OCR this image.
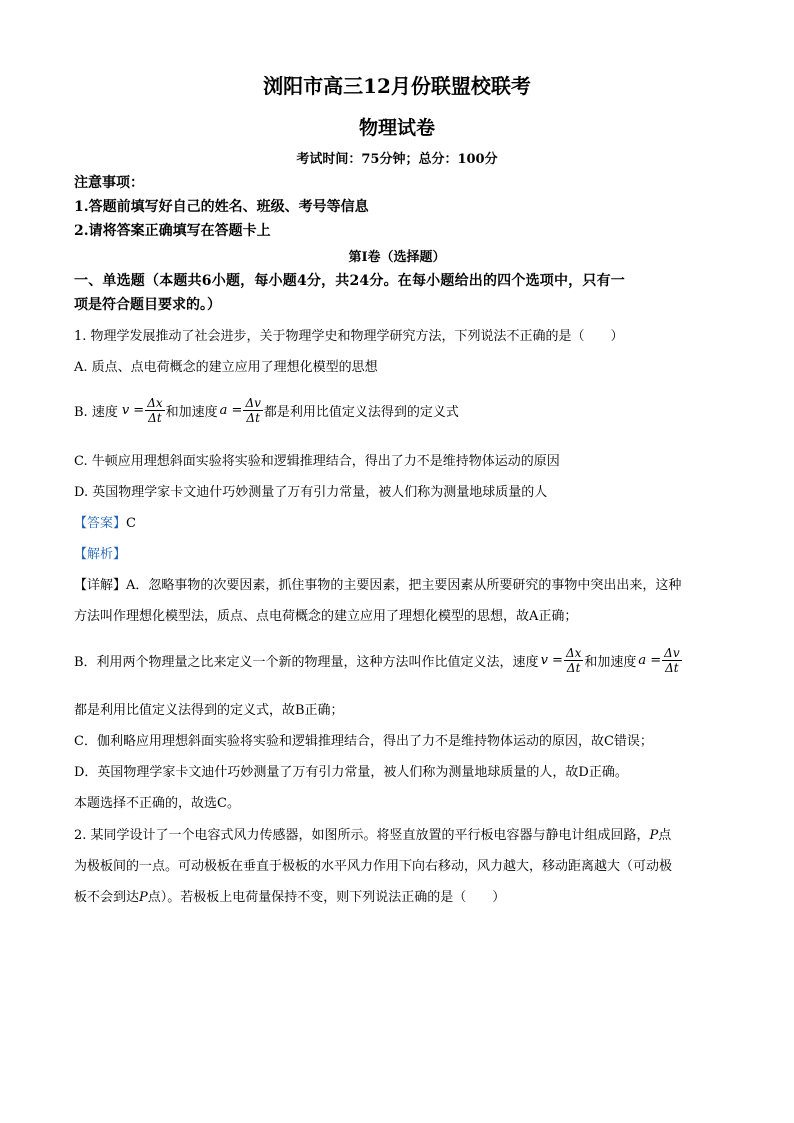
浏阳市高三12月份联盟校联考
物理试卷
考试时间：75分钟；总分：100分
注意事项：
1.答题前填写好自己的姓名、班级、考号等信息
2.请将答案正确填写在答题卡上
第I卷（选择题）
一、单选题（本题共6小题，每小题4分，共24分。在每小题给出的四个选项中，只有一
项是符合题目要求的。）
1. 物理学发展推动了社会进步，关于物理学史和物理学研究方法，下列说法不正确的是（　　）
A. 质点、点电荷概念的建立应用了理想化模型的思想
B. 速度 $v = \frac{\Delta x}{\Delta t}$ 和加速度 $a = \frac{\Delta v}{\Delta t}$ 都是利用比值定义法得到的定义式
C. 牛顿应用理想斜面实验将实验和逻辑推理结合，得出了力不是维持物体运动的原因
D. 英国物理学家卡文迪什巧妙测量了万有引力常量，被人们称为测量地球质量的人
【答案】C
【解析】
【详解】A．忽略事物的次要因素，抓住事物的主要因素，把主要因素从所要研究的事物中突出出来，这种
方法叫作理想化模型法，质点、点电荷概念的建立应用了理想化模型的思想，故A正确；
B．利用两个物理量之比来定义一个新的物理量，这种方法叫作比值定义法，速度 $v = \frac{\Delta x}{\Delta t}$ 和加速度 $a = \frac{\Delta v}{\Delta t}$
都是利用比值定义法得到的定义式，故B正确；
C．伽利略应用理想斜面实验将实验和逻辑推理结合，得出了力不是维持物体运动的原因，故C错误；
D．英国物理学家卡文迪什巧妙测量了万有引力常量，被人们称为测量地球质量的人，故D正确。
本题选择不正确的，故选C。
2. 某同学设计了一个电容式风力传感器，如图所示。将竖直放置的平行板电容器与静电计组成回路，P点
为极板间的一点。可动极板在垂直于极板的水平风力作用下向右移动，风力越大，移动距离越大（可动极
板不会到达P点）。若极板上电荷量保持不变，则下列说法正确的是（　　）
